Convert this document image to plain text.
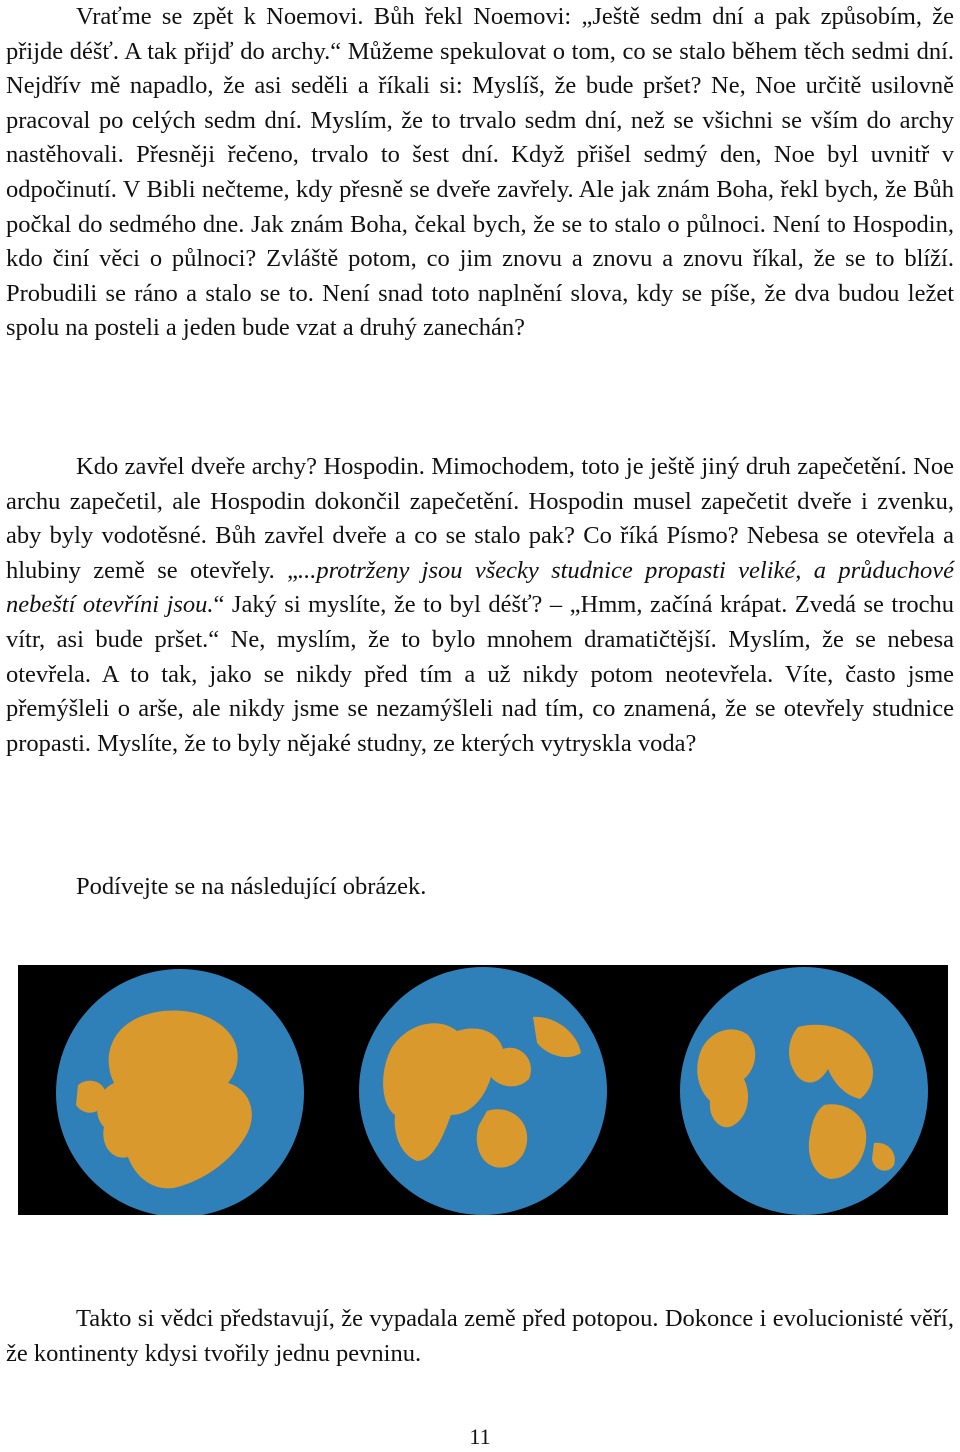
Vraťme se zpět k Noemovi. Bůh řekl Noemovi: „Ještě sedm dní a pak způsobím, že přijde déšť. A tak přijď do archy.“ Můžeme spekulovat o tom, co se stalo během těch sedmi dní. Nejdřív mě napadlo, že asi seděli a říkali si: Myslíš, že bude pršet? Ne, Noe určitě usilovně pracoval po celých sedm dní. Myslím, že to trvalo sedm dní, než se všichni se vším do archy nastěhovali. Přesněji řečeno, trvalo to šest dní. Když přišel sedmý den, Noe byl uvnitř v odpočinutí. V Bibli nečteme, kdy přesně se dveře zavřely. Ale jak znám Boha, řekl bych, že Bůh počkal do sedmého dne. Jak znám Boha, čekal bych, že se to stalo o půlnoci. Není to Hospodin, kdo činí věci o půlnoci? Zvláště potom, co jim znovu a znovu a znovu říkal, že se to blíží. Probudili se ráno a stalo se to. Není snad toto naplnění slova, kdy se píše, že dva budou ležet spolu na posteli a jeden bude vzat a druhý zanechán?

Kdo zavřel dveře archy? Hospodin. Mimochodem, toto je ještě jiný druh zapečetění. Noe archu zapečetil, ale Hospodin dokončil zapečetění. Hospodin musel zapečetit dveře i zvenku, aby byly vodotěsné. Bůh zavřel dveře a co se stalo pak? Co říká Písmo? Nebesa se otevřela a hlubiny země se otevřely. „...protrženy jsou všecky studnice propasti veliké, a průduchové nebeští otevříni jsou.“ Jaký si myslíte, že to byl déšť? – „Hmm, začíná krápat. Zvedá se trochu vítr, asi bude pršet.“ Ne, myslím, že to bylo mnohem dramatičtější. Myslím, že se nebesa otevřela. A to tak, jako se nikdy před tím a už nikdy potom neotevřela. Víte, často jsme přemýšleli o arše, ale nikdy jsme se nezamýšleli nad tím, co znamená, že se otevřely studnice propasti. Myslíte, že to byly nějaké studny, ze kterých vytryskla voda?

Podívejte se na následující obrázek.

Takto si vědci představují, že vypadala země před potopou. Dokonce i evolucionisté věří, že kontinenty kdysi tvořily jednu pevninu.

11
